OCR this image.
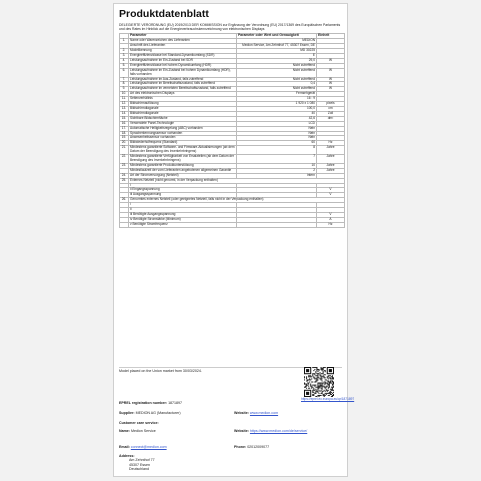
Produktdatenblatt
DELEGIERTE VERORDNUNG (EU) 2019/2013 DER KOMMISSION zur Ergänzung der Verordnung (EU) 2017/1369 des Europäischen Parlaments und des Rates im Hinblick auf die Energieverbrauchskennzeichnung von elektronischen Displays
	Parameter	Parameter oder Wert und Genauigkeit	Einheit
1.	Name oder Warenzeichen des Lieferanten	MEDION	
	Anschrift des Lieferanten	Medion Service, Am Zehnthof 77, 45307 Essen, DE	
2.	Modellkennung	MD 30225	
3.	Energieeffizienzklasse bei Standard-Dynamikumfang (SDR)	E	
4.	Leistungsaufnahme im Ein-Zustand bei SDR	29,0	W
5.	Energieeffizienzklasse bei hohem Dynamikumfang (HDR)	Nicht zutreffend	
6.	Leistungsaufnahme im Ein-Zustand bei hohem Dynamikumfang (HDR), falls vorhanden	Nicht zutreffend	W
7.	Leistungsaufnahme im Aus-Zustand, falls zutreffend	Nicht zutreffend	W
8.	Leistungsaufnahme im Bereitschaftszustand, falls zutreffend	0,4	W
9.	Leistungsaufnahme im vernetzten Bereitschaftszustand, falls zutreffend	Nicht zutreffend	W
10.	Art des elektronischen Displays	Fernsehgerät	
11.	Seitenverhältnis	16 : 9	
12.	Bildschirmauflösung	1 920 x 1 080	pixels
13.	Bildschirmdiagonale	100,0	cm
14.	Bildschirmdiagonale	40	Zoll
15.	Sichtbare Bildschirmfläche	42,6	dm²
16.	Verwendete Panel-Technologie	LCD	
17.	Automatische Helligkeitsregelung (ABC) vorhanden	Nein	
18.	Spracherkennungssensor vorhanden	Nein	
19.	Anwesenheitssensor vorhanden	Nein	
20.	Bildwiederholfrequenz (Standard)	60	Hz
21.	Mindestens garantierte Software- und Firmware-Aktualisierungen (ab dem Datum der Beendigung des Inverkehrbringens)	8	Jahre
22.	Mindestens garantierte Verfügbarkeit von Ersatzteilen (ab dem Datum der Beendigung des Inverkehrbringens)	7	Jahre
23.	Mindestens garantierte Produktunterstützung	10	Jahre
	Mindestlaufzeit der vom Lieferanten angebotenen allgemeinen Garantie	2	Jahre
24.	Art der Stromversorgung (Netzteil)	intern	
25.	Externes Netzteil (nicht genormt, in der Verpackung enthalten)		
	i		
	ii Eingangsspannung		V
	iii Ausgangsspannung		V
26.	Genormtes externes Netzteil (oder geeignetes Netzteil, falls nicht in der Verpackung enthalten)		
	i		
	ii		
	iii Benötigte Ausgangsspannung		V
	iv Benötigte Stromstärke (Minimum)		A
	v Benötigte Stromfrequenz		Hz
Model placed on the Union market from 30/03/2024.
https://eprel.ec.europa.eu/qr/1871897
EPREL registration number: 1871897
Supplier: MEDION AG (Manufacturer)	Website: www.medion.com
Customer care service:
Name: Medion Service	Website: https://www.medion.com/de/service/
Email: connect@medion.com	Phone: 02012009077
Address:
Am Zehnthof 77
45307 Essen
Deutschland
